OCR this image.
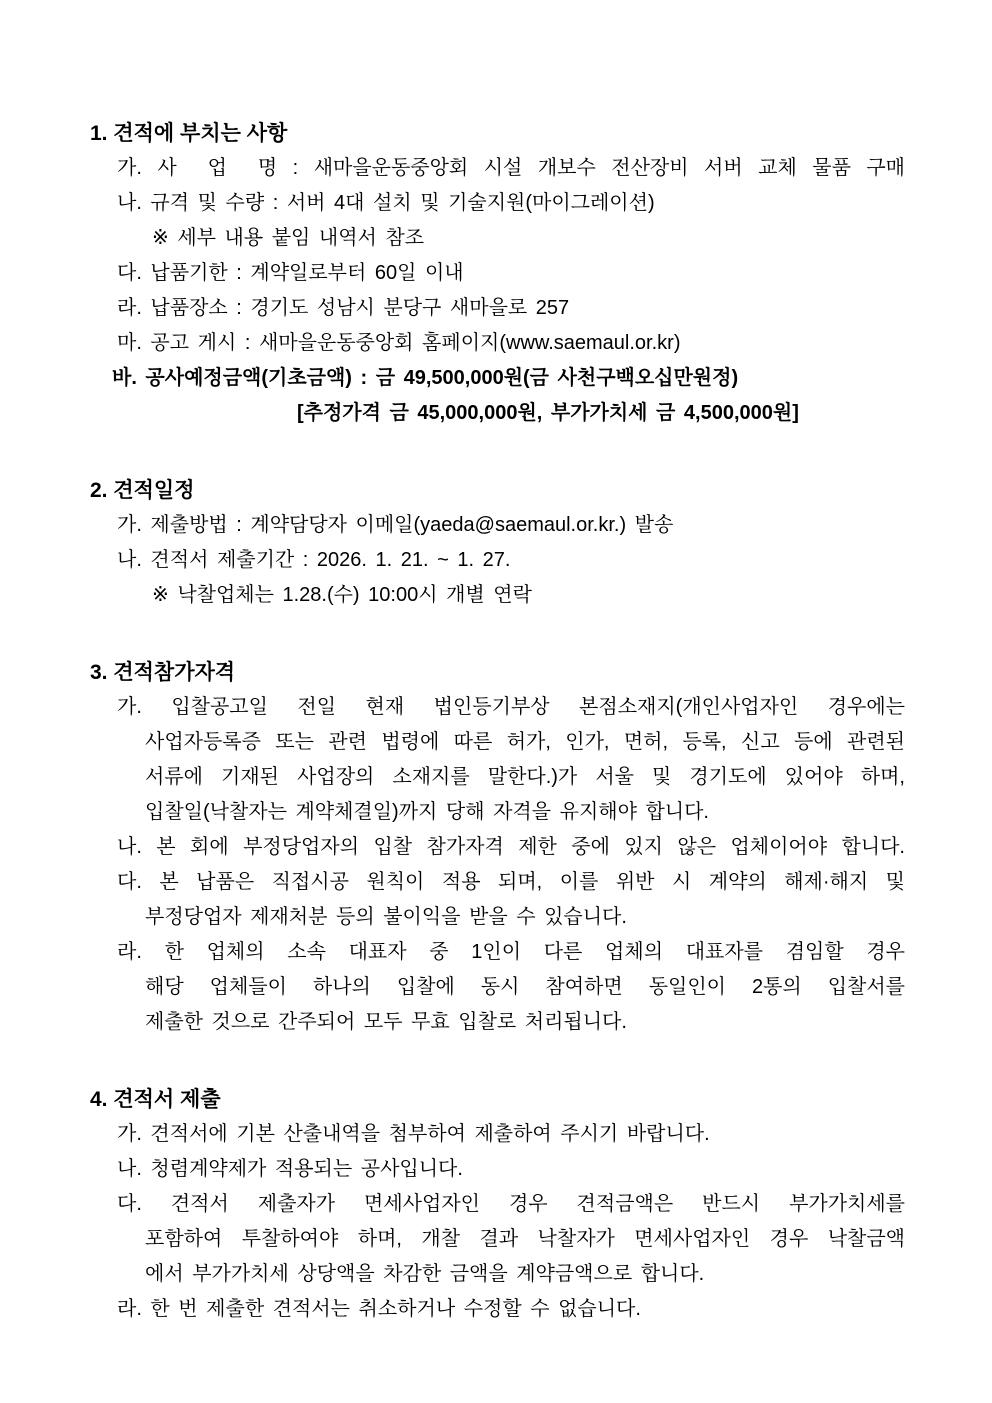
1. 견적에 부치는 사항
가. 사  업  명 : 새마을운동중앙회 시설 개보수 전산장비 서버 교체 물품 구매
나. 규격 및 수량 : 서버 4대 설치 및 기술지원(마이그레이션)
※ 세부 내용 붙임 내역서 참조
다. 납품기한 : 계약일로부터 60일 이내
라. 납품장소 : 경기도 성남시 분당구 새마을로 257
마. 공고 게시 : 새마을운동중앙회 홈페이지(www.saemaul.or.kr)
바. 공사예정금액(기초금액) : 금 49,500,000원(금 사천구백오십만원정)
[추정가격 금 45,000,000원, 부가가치세 금 4,500,000원]
2. 견적일정
가. 제출방법 : 계약담당자 이메일(yaeda@saemaul.or.kr.) 발송
나. 견적서 제출기간 : 2026. 1. 21. ~ 1. 27.
※ 낙찰업체는 1.28.(수) 10:00시 개별 연락
3. 견적참가자격
가. 입찰공고일 전일 현재 법인등기부상 본점소재지(개인사업자인 경우에는
사업자등록증 또는 관련 법령에 따른 허가, 인가, 면허, 등록, 신고 등에 관련된
서류에 기재된 사업장의 소재지를 말한다.)가 서울 및 경기도에 있어야 하며,
입찰일(낙찰자는 계약체결일)까지 당해 자격을 유지해야 합니다.
나. 본 회에 부정당업자의 입찰 참가자격 제한 중에 있지 않은 업체이어야 합니다.
다. 본 납품은 직접시공 원칙이 적용 되며, 이를 위반 시 계약의 해제·해지 및
부정당업자 제재처분 등의 불이익을 받을 수 있습니다.
라. 한 업체의 소속 대표자 중 1인이 다른 업체의 대표자를 겸임할 경우
해당 업체들이 하나의 입찰에 동시 참여하면 동일인이 2통의 입찰서를
제출한 것으로 간주되어 모두 무효 입찰로 처리됩니다.
4. 견적서 제출
가. 견적서에 기본 산출내역을 첨부하여 제출하여 주시기 바랍니다.
나. 청렴계약제가 적용되는 공사입니다.
다. 견적서 제출자가 면세사업자인 경우 견적금액은 반드시 부가가치세를
포함하여 투찰하여야 하며, 개찰 결과 낙찰자가 면세사업자인 경우 낙찰금액
에서 부가가치세 상당액을 차감한 금액을 계약금액으로 합니다.
라. 한 번 제출한 견적서는 취소하거나 수정할 수 없습니다.
